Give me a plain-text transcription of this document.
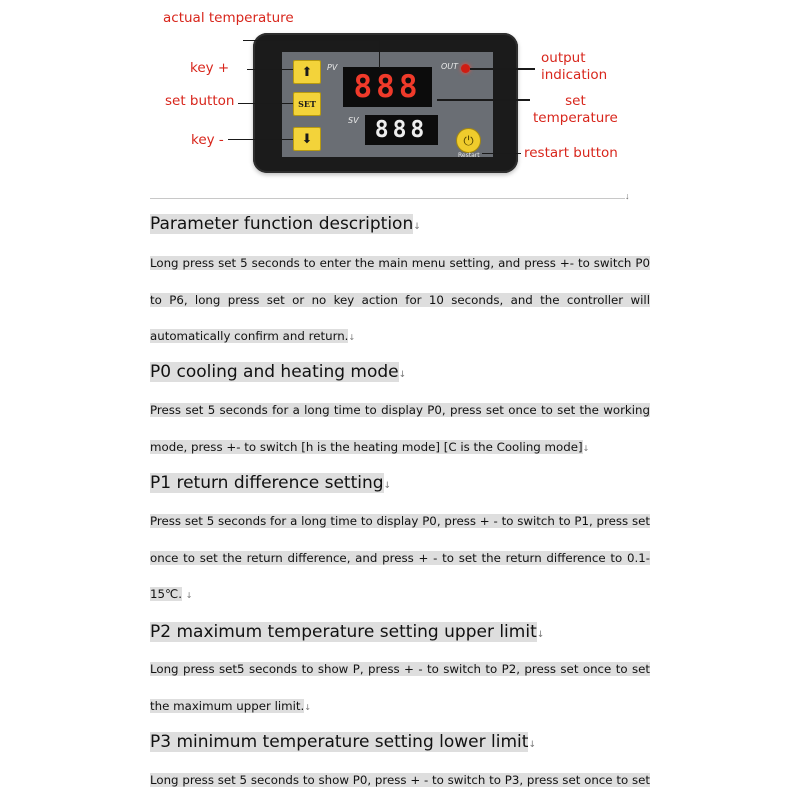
actual temperature
key +
set button
key -
output
indication
set
temperature
restart button
⬆
SET
⬇
PV
SV
OUT
888
888	⏻
Restart
↓
Parameter function description↓
Long press set 5 seconds to enter the main menu setting, and press +- to switch P0
to P6, long press set or no key action for 10 seconds, and the controller will
automatically confirm and return.↓
P0 cooling and heating mode↓
Press set 5 seconds for a long time to display P0, press set once to set the working
mode, press +- to switch [h is the heating mode] [C is the Cooling mode]↓
P1 return difference setting↓
Press set 5 seconds for a long time to display P0, press + - to switch to P1, press set
once to set the return difference, and press + - to set the return difference to 0.1-
15℃. ↓
P2 maximum temperature setting upper limit↓
Long press set5 seconds to show P, press + - to switch to P2, press set once to set
the maximum upper limit.↓
P3 minimum temperature setting lower limit↓
Long press set 5 seconds to show P0, press + - to switch to P3, press set once to set
